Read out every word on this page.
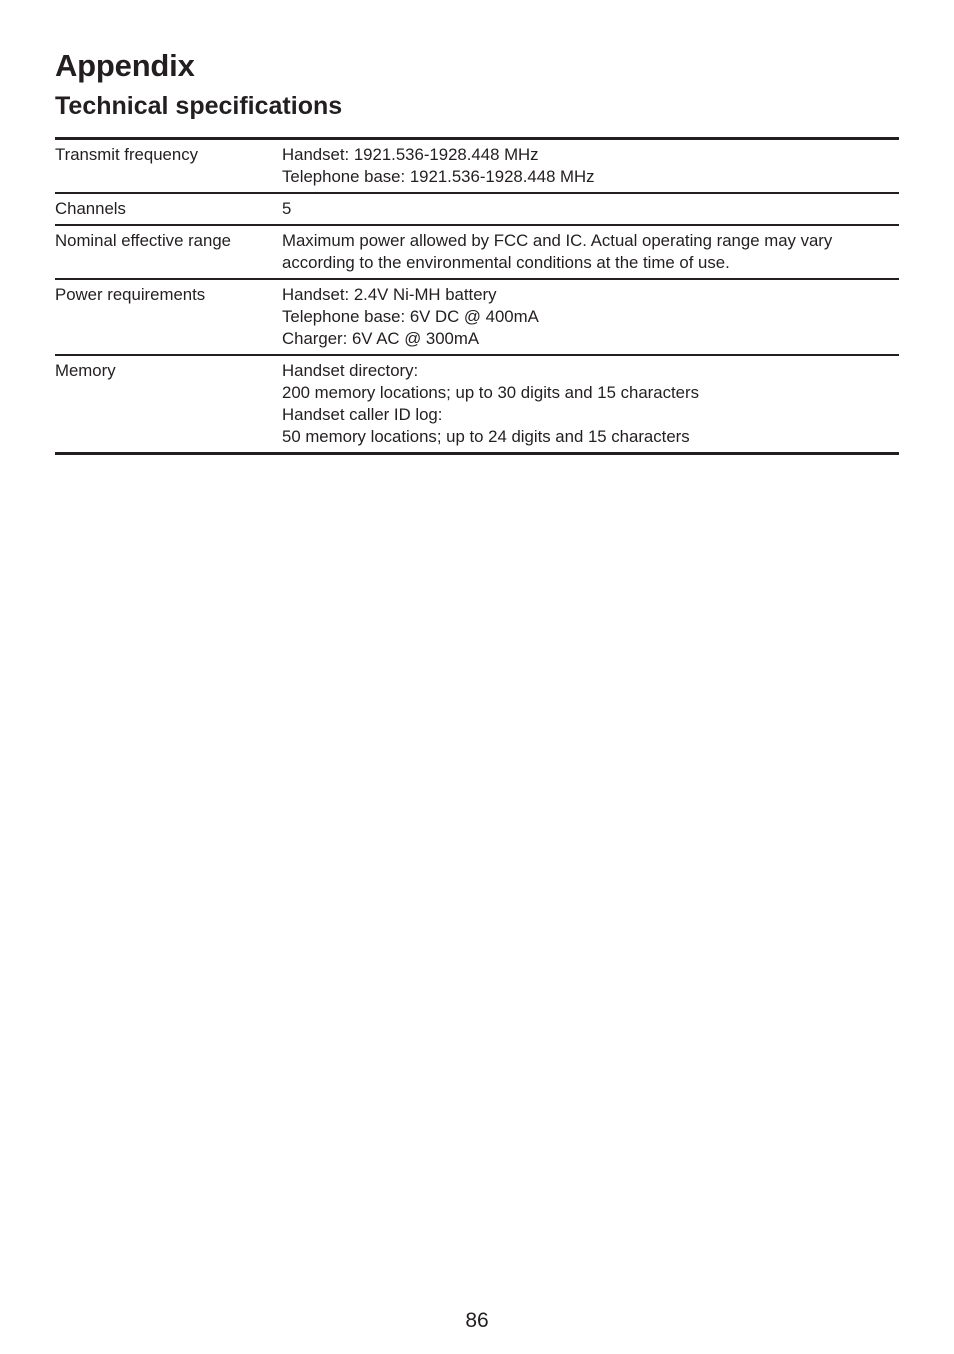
Appendix
Technical specifications
Transmit frequency	Handset: 1921.536-1928.448 MHz
Telephone base: 1921.536-1928.448 MHz

Channels	5

Nominal effective range	Maximum power allowed by FCC and IC. Actual operating range may vary
according to the environmental conditions at the time of use.

Power requirements	Handset: 2.4V Ni-MH battery
Telephone base: 6V DC @ 400mA
Charger: 6V AC @ 300mA

Memory	Handset directory:
200 memory locations; up to 30 digits and 15 characters
Handset caller ID log:
50 memory locations; up to 24 digits and 15 characters
86
